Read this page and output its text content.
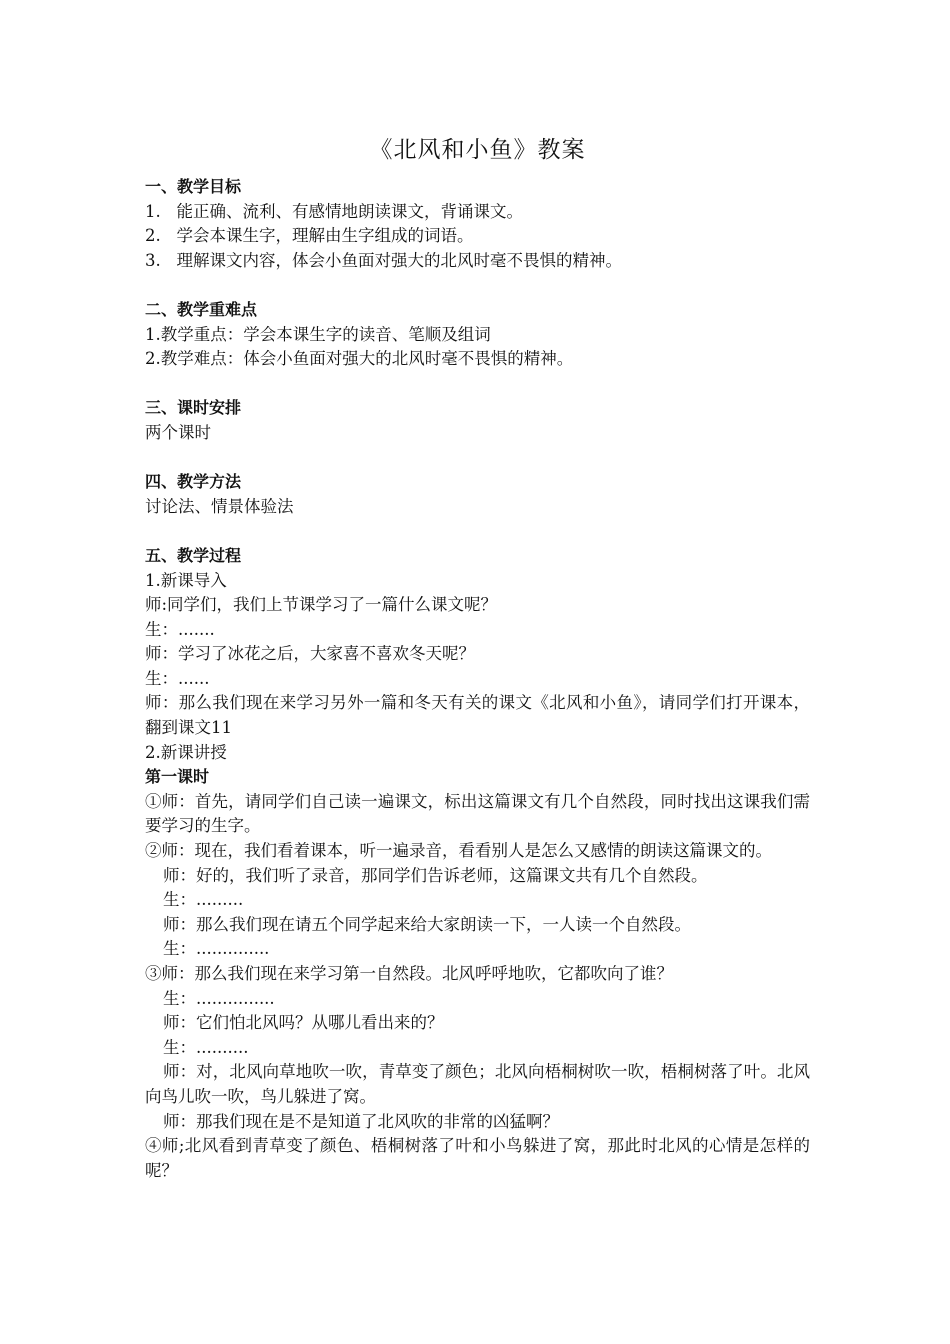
《北风和小鱼》教案
一、教学目标
1.   能正确、流利、有感情地朗读课文，背诵课文。
2.   学会本课生字，理解由生字组成的词语。
3.   理解课文内容，体会小鱼面对强大的北风时毫不畏惧的精神。
二、教学重难点
1.教学重点：学会本课生字的读音、笔顺及组词
2.教学难点：体会小鱼面对强大的北风时毫不畏惧的精神。
三、课时安排
两个课时
四、教学方法
讨论法、情景体验法
五、教学过程
1.新课导入
师:同学们，我们上节课学习了一篇什么课文呢？
生：.......
师：学习了冰花之后，大家喜不喜欢冬天呢？
生：......
师：那么我们现在来学习另外一篇和冬天有关的课文《北风和小鱼》，请同学们打开课本，翻到课文11
2.新课讲授
第一课时
①师：首先，请同学们自己读一遍课文，标出这篇课文有几个自然段，同时找出这课我们需要学习的生字。
②师：现在，我们看着课本，听一遍录音，看看别人是怎么又感情的朗读这篇课文的。
师：好的，我们听了录音，那同学们告诉老师，这篇课文共有几个自然段。
生：.........
师：那么我们现在请五个同学起来给大家朗读一下，一人读一个自然段。
生：..............
③师：那么我们现在来学习第一自然段。北风呼呼地吹，它都吹向了谁？
生：...............
师：它们怕北风吗？从哪儿看出来的？
生：..........
师：对，北风向草地吹一吹，青草变了颜色；北风向梧桐树吹一吹，梧桐树落了叶。北风向鸟儿吹一吹，鸟儿躲进了窝。
师：那我们现在是不是知道了北风吹的非常的凶猛啊？
④师;北风看到青草变了颜色、梧桐树落了叶和小鸟躲进了窝，那此时北风的心情是怎样的呢？
